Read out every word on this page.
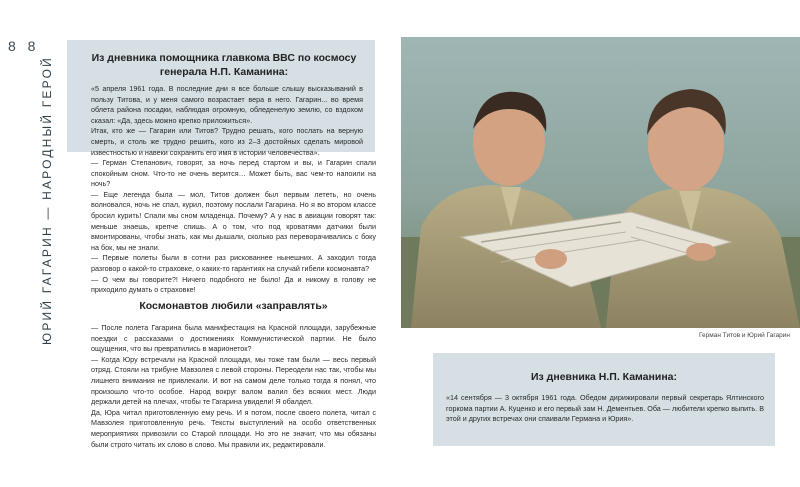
8 8
ЮРИЙ ГАГАРИН — НАРОДНЫЙ ГЕРОЙ	Из дневника помощника главкома ВВС по космосу генерала Н.П. Каманина:

«5 апреля 1961 года. В последние дни я все больше слышу высказываний в пользу Титова, и у меня самого возрастает вера в него. Гагарин... во время облета района посадки, наблюдая огромную, обледенелую землю, со вздохом сказал: «Да, здесь можно крепко приложиться».
Итак, кто же — Гагарин или Титов? Трудно решать, кого послать на верную смерть, и столь же трудно решить, кого из 2–3 достойных сделать мировой известностью и навеки сохранить его имя в истории человечества».

— Герман Степанович, говорят, за ночь перед стартом и вы, и Гагарин спали спокойным сном. Что-то не очень верится… Может быть, вас чем-то напоили на ночь?
— Еще легенда была — мол, Титов должен был первым лететь, но очень волновался, ночь не спал, курил, поэтому послали Гагарина. Но я во втором классе бросил курить! Спали мы сном младенца. Почему? А у нас в авиации говорят так: меньше знаешь, крепче спишь. А о том, что под кроватями датчики были вмонтированы, чтобы знать, как мы дышали, сколько раз переворачивались с боку на бок, мы не знали.
— Первые полеты были в сотни раз рискованнее нынешних. А заходил тогда разговор о какой-то страховке, о каких-то гарантиях на случай гибели космонавта?
— О чем вы говорите?! Ничего подобного не было! Да и никому в голову не приходило думать о страховке!

Космонавтов любили «заправлять»

— После полета Гагарина была манифестация на Красной площади, зарубежные поездки с рассказами о достижениях Коммунистической партии. Не было ощущения, что вы превратились в марионеток?
— Когда Юру встречали на Красной площади, мы тоже там были — весь первый отряд. Стояли на трибуне Мавзолея с левой стороны. Переодели нас так, чтобы мы лишнего внимания не привлекали. И вот на самом деле только тогда я понял, что произошло что-то особое. Народ вокруг валом валил без всяких мест. Люди держали детей на плечах, чтобы те Гагарина увидели! Я обалдел.
Да, Юра читал приготовленную ему речь. И я потом, после своего полета, читал с Мавзолея приготовленную речь. Тексты выступлений на особо ответственных мероприятиях привозили со Старой площади. Но это не значит, что мы обязаны были строго читать их слово в слово. Мы правили их, редактировали.

Герман Титов и Юрий Гагарин
Из дневника Н.П. Каманина:

«14 сентября — 3 октября 1961 года. Обедом дирижировали первый секретарь Ялтинского горкома партии А. Куценко и его первый зам Н. Дементьев. Оба — любители крепко выпить. В этой и других встречах они спаивали Германа и Юрия».
